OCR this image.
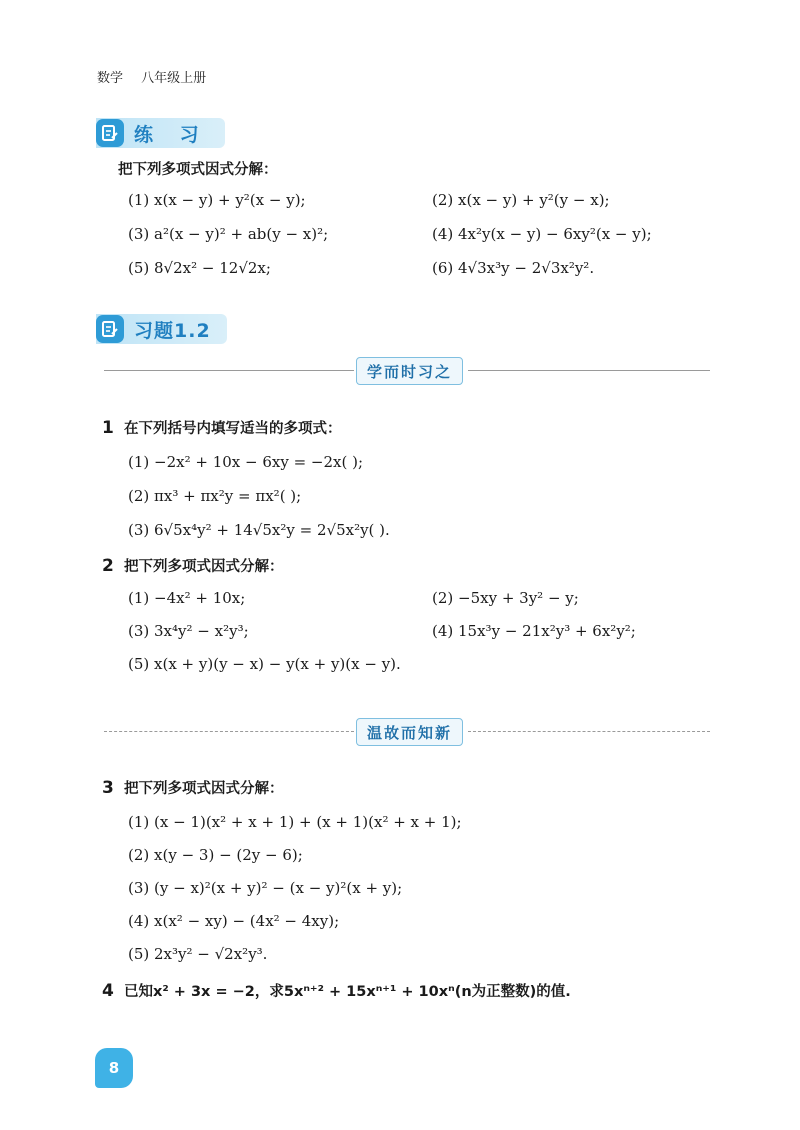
数学 八年级上册
练 习
把下列多项式因式分解：
(1) x(x − y) + y²(x − y);	(2) x(x − y) + y²(y − x);
(3) a²(x − y)² + ab(y − x)²;	(4) 4x²y(x − y) − 6xy²(x − y);
(5) 8√2x² − 12√2x;	(6) 4√3x³y − 2√3x²y².
习题1.2
学而时习之
1 在下列括号内填写适当的多项式：
(1) −2x² + 10x − 6xy = −2x( );
(2) πx³ + πx²y = πx²( );
(3) 6√5x⁴y² + 14√5x²y = 2√5x²y( ).
2 把下列多项式因式分解：
(1) −4x² + 10x;	(2) −5xy + 3y² − y;
(3) 3x⁴y² − x²y³;	(4) 15x³y − 21x²y³ + 6x²y²;
(5) x(x + y)(y − x) − y(x + y)(x − y).
温故而知新
3 把下列多项式因式分解：
(1) (x − 1)(x² + x + 1) + (x + 1)(x² + x + 1);
(2) x(y − 3) − (2y − 6);
(3) (y − x)²(x + y)² − (x − y)²(x + y);
(4) x(x² − xy) − (4x² − 4xy);
(5) 2x³y² − √2x²y³.
4 已知x² + 3x = −2，求5xⁿ⁺² + 15xⁿ⁺¹ + 10xⁿ(n为正整数)的值.
8
